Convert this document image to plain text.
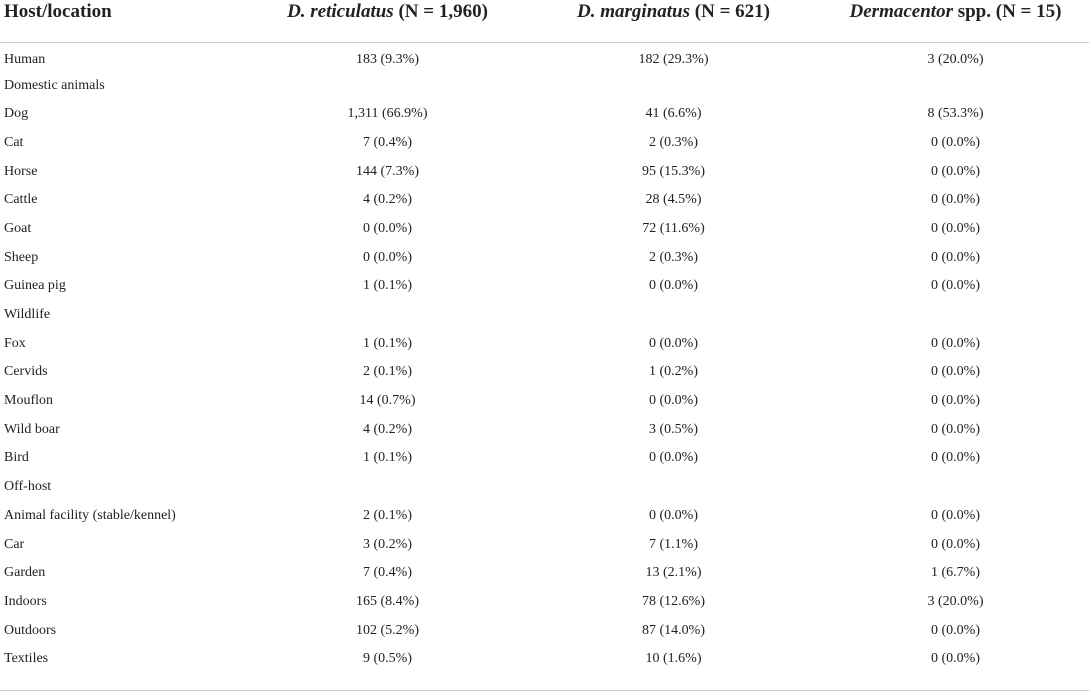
Host/location	D. reticulatus (N = 1,960)	D. marginatus (N = 621)	Dermacentor spp. (N = 15)
Human	183 (9.3%)	182 (29.3%)	3 (20.0%)
Domestic animals			
Dog	1,311 (66.9%)	41 (6.6%)	8 (53.3%)
Cat	7 (0.4%)	2 (0.3%)	0 (0.0%)
Horse	144 (7.3%)	95 (15.3%)	0 (0.0%)
Cattle	4 (0.2%)	28 (4.5%)	0 (0.0%)
Goat	0 (0.0%)	72 (11.6%)	0 (0.0%)
Sheep	0 (0.0%)	2 (0.3%)	0 (0.0%)
Guinea pig	1 (0.1%)	0 (0.0%)	0 (0.0%)
Wildlife			
Fox	1 (0.1%)	0 (0.0%)	0 (0.0%)
Cervids	2 (0.1%)	1 (0.2%)	0 (0.0%)
Mouflon	14 (0.7%)	0 (0.0%)	0 (0.0%)
Wild boar	4 (0.2%)	3 (0.5%)	0 (0.0%)
Bird	1 (0.1%)	0 (0.0%)	0 (0.0%)
Off-host			
Animal facility (stable/kennel)	2 (0.1%)	0 (0.0%)	0 (0.0%)
Car	3 (0.2%)	7 (1.1%)	0 (0.0%)
Garden	7 (0.4%)	13 (2.1%)	1 (6.7%)
Indoors	165 (8.4%)	78 (12.6%)	3 (20.0%)
Outdoors	102 (5.2%)	87 (14.0%)	0 (0.0%)
Textiles	9 (0.5%)	10 (1.6%)	0 (0.0%)
